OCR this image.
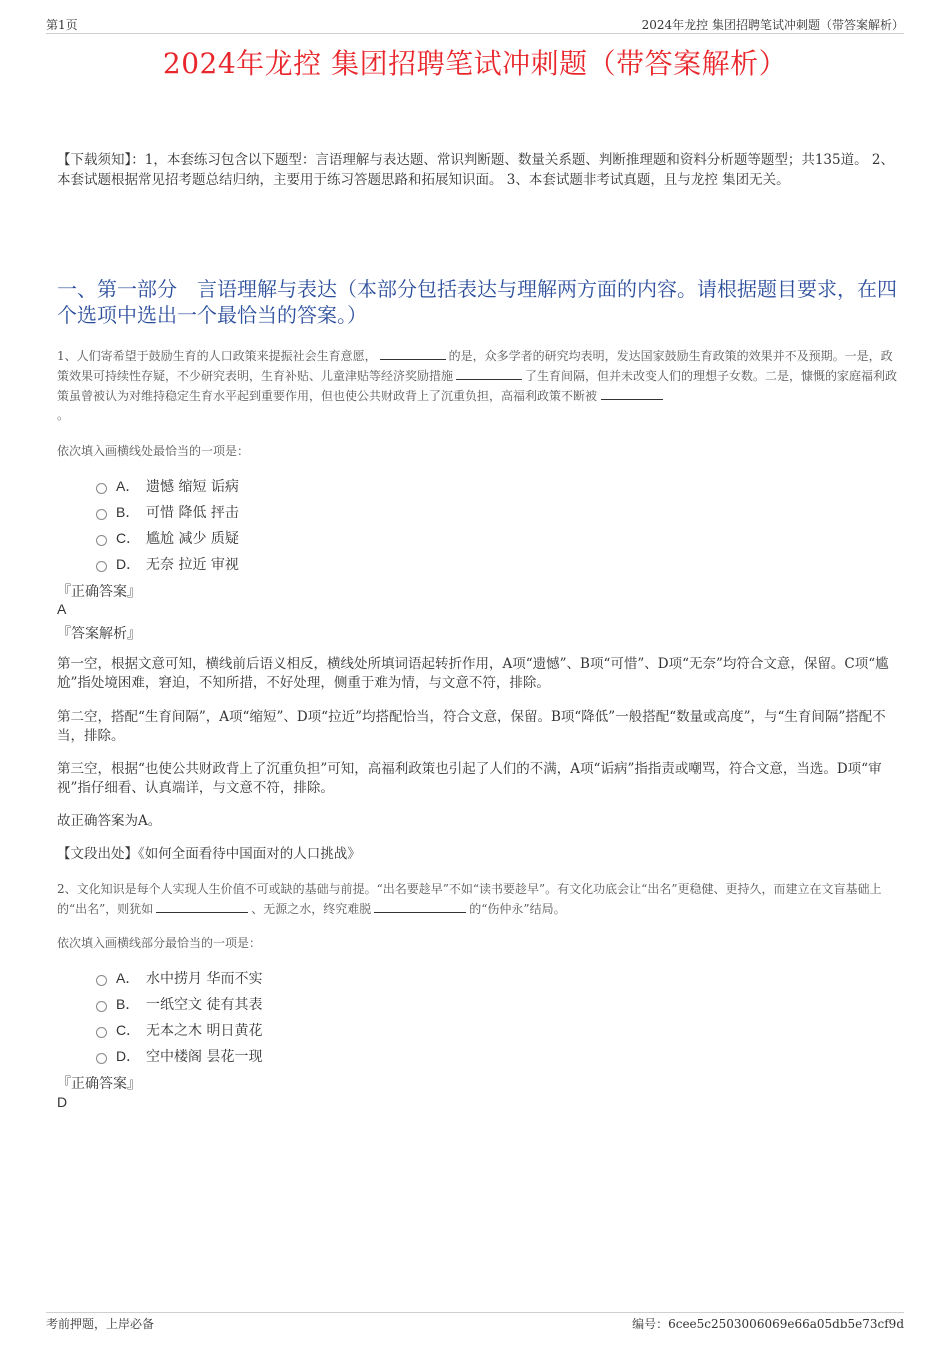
第1页	2024年龙控 集团招聘笔试冲刺题（带答案解析）
2024年龙控 集团招聘笔试冲刺题（带答案解析）
【下载须知】：1，本套练习包含以下题型：言语理解与表达题、常识判断题、数量关系题、判断推理题和资料分析题等题型；共135道。 2、本套试题根据常见招考题总结归纳，主要用于练习答题思路和拓展知识面。 3、本套试题非考试真题，且与龙控 集团无关。
一、第一部分　言语理解与表达（本部分包括表达与理解两方面的内容。请根据题目要求，在四个选项中选出一个最恰当的答案。）
1、人们寄希望于鼓励生育的人口政策来提振社会生育意愿，	的是，众多学者的研究均表明，发达国家鼓励生育政策的效果并不及预期。一是，政策效果可持续性存疑，不少研究表明，生育补贴、儿童津贴等经济奖励措施	了生育间隔，但并未改变人们的理想子女数。二是，慷慨的家庭福利政策虽曾被认为对维持稳定生育水平起到重要作用，但也使公共财政背上了沉重负担，高福利政策不断被
。
依次填入画横线处最恰当的一项是：
A． 遗憾 缩短 诟病
B． 可惜 降低 抨击
C． 尴尬 减少 质疑
D． 无奈 拉近 审视
『正确答案』
A
『答案解析』
第一空，根据文意可知，横线前后语义相反，横线处所填词语起转折作用，A项“遗憾”、B项“可惜”、D项“无奈”均符合文意，保留。C项“尴尬”指处境困难，窘迫，不知所措，不好处理，侧重于难为情，与文意不符，排除。
第二空，搭配“生育间隔”，A项“缩短”、D项“拉近”均搭配恰当，符合文意，保留。B项“降低”一般搭配“数量或高度”，与“生育间隔”搭配不当，排除。
第三空，根据“也使公共财政背上了沉重负担”可知，高福利政策也引起了人们的不满，A项“诟病”指指责或嘲骂，符合文意，当选。D项“审视”指仔细看、认真端详，与文意不符，排除。
故正确答案为A。
【文段出处】《如何全面看待中国面对的人口挑战》
2、文化知识是每个人实现人生价值不可或缺的基础与前提。“出名要趁早”不如“读书要趁早”。有文化功底会让“出名”更稳健、更持久，而建立在文盲基础上的“出名”，则犹如	、无源之水，终究难脱	的“伤仲永”结局。
依次填入画横线部分最恰当的一项是：
A． 水中捞月 华而不实
B． 一纸空文 徒有其表
C． 无本之木 明日黄花
D． 空中楼阁 昙花一现
『正确答案』
D
考前押题，上岸必备	编号：6cee5c2503006069e66a05db5e73cf9d
